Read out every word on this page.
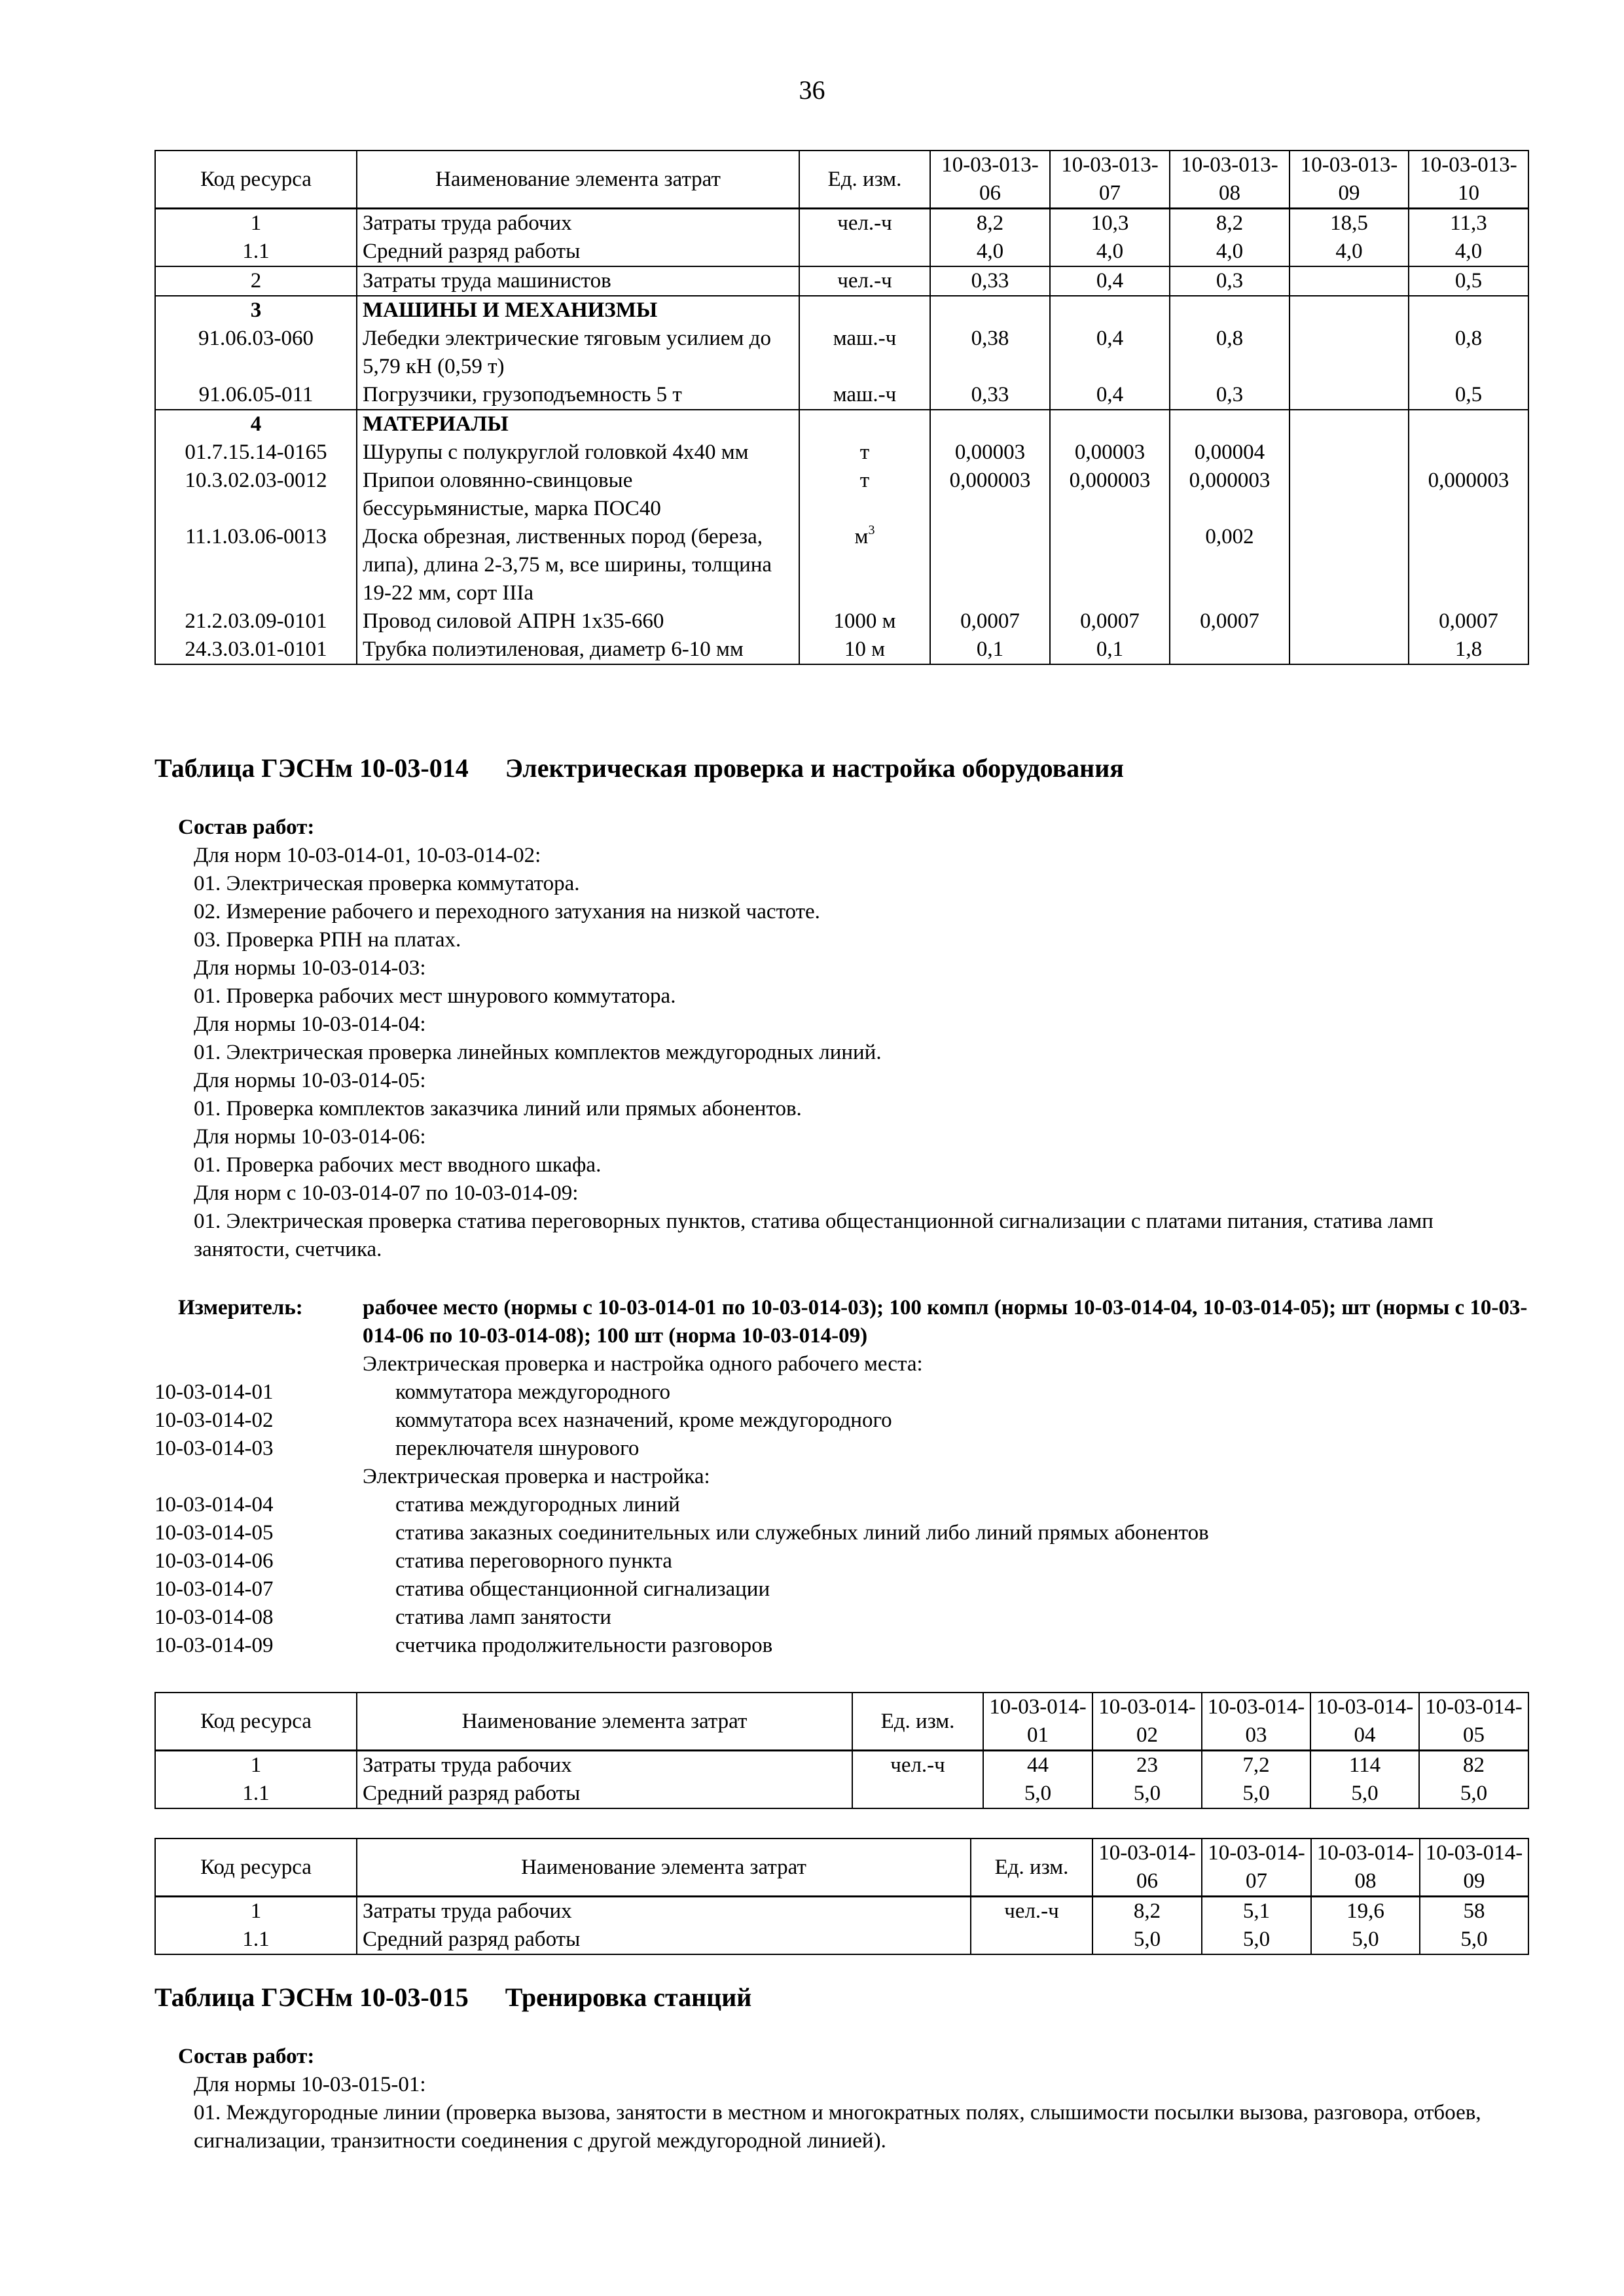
36
Код ресурса	Наименование элемента затрат	Ед. изм.	10-03-013-06	10-03-013-07	10-03-013-08	10-03-013-09	10-03-013-10
1	Затраты труда рабочих	чел.-ч	8,2	10,3	8,2	18,5	11,3
1.1	Средний разряд работы		4,0	4,0	4,0	4,0	4,0
2	Затраты труда машинистов	чел.-ч	0,33	0,4	0,3		0,5
3	МАШИНЫ И МЕХАНИЗМЫ						
91.06.03-060	Лебедки электрические тяговым усилием до 5,79 кН (0,59 т)	маш.-ч	0,38	0,4	0,8		0,8
91.06.05-011	Погрузчики, грузоподъемность 5 т	маш.-ч	0,33	0,4	0,3		0,5
4	МАТЕРИАЛЫ						
01.7.15.14-0165	Шурупы с полукруглой головкой 4х40 мм	т	0,00003	0,00003	0,00004		
10.3.02.03-0012	Припои оловянно-свинцовые бессурьмянистые, марка ПОС40	т	0,000003	0,000003	0,000003		0,000003
11.1.03.06-0013	Доска обрезная, лиственных пород (береза, липа), длина 2-3,75 м, все ширины, толщина 19-22 мм, сорт IIIa	$м^3$			0,002		
21.2.03.09-0101	Провод силовой АПРН 1х35-660	1000 м	0,0007	0,0007	0,0007		0,0007
24.3.03.01-0101	Трубка полиэтиленовая, диаметр 6-10 мм	10 м	0,1	0,1			1,8
Таблица ГЭСНм 10-03-014 Электрическая проверка и настройка оборудования
Состав работ:
Для норм 10-03-014-01, 10-03-014-02:
01. Электрическая проверка коммутатора.
02. Измерение рабочего и переходного затухания на низкой частоте.
03. Проверка РПН на платах.
Для нормы 10-03-014-03:
01. Проверка рабочих мест шнурового коммутатора.
Для нормы 10-03-014-04:
01. Электрическая проверка линейных комплектов междугородных линий.
Для нормы 10-03-014-05:
01. Проверка комплектов заказчика линий или прямых абонентов.
Для нормы 10-03-014-06:
01. Проверка рабочих мест вводного шкафа.
Для норм с 10-03-014-07 по 10-03-014-09:
01. Электрическая проверка статива переговорных пунктов, статива общестанционной сигнализации с платами питания, статива ламп занятости, счетчика.
Измеритель:	рабочее место (нормы с 10-03-014-01 по 10-03-014-03); 100 компл (нормы 10-03-014-04, 10-03-014-05); шт (нормы с 10-03-014-06 по 10-03-014-08); 100 шт (норма 10-03-014-09)
Электрическая проверка и настройка одного рабочего места:
10-03-014-01	коммутатора междугородного
10-03-014-02	коммутатора всех назначений, кроме междугородного
10-03-014-03	переключателя шнурового
Электрическая проверка и настройка:
10-03-014-04	статива междугородных линий
10-03-014-05	статива заказных соединительных или служебных линий либо линий прямых абонентов
10-03-014-06	статива переговорного пункта
10-03-014-07	статива общестанционной сигнализации
10-03-014-08	статива ламп занятости
10-03-014-09	счетчика продолжительности разговоров
Код ресурса	Наименование элемента затрат	Ед. изм.	10-03-014-01	10-03-014-02	10-03-014-03	10-03-014-04	10-03-014-05
1	Затраты труда рабочих	чел.-ч	44	23	7,2	114	82
1.1	Средний разряд работы		5,0	5,0	5,0	5,0	5,0
Код ресурса	Наименование элемента затрат	Ед. изм.	10-03-014-06	10-03-014-07	10-03-014-08	10-03-014-09
1	Затраты труда рабочих	чел.-ч	8,2	5,1	19,6	58
1.1	Средний разряд работы		5,0	5,0	5,0	5,0
Таблица ГЭСНм 10-03-015 Тренировка станций
Состав работ:
Для нормы 10-03-015-01:
01. Междугородные линии (проверка вызова, занятости в местном и многократных полях, слышимости посылки вызова, разговора, отбоев, сигнализации, транзитности соединения с другой междугородной линией).
